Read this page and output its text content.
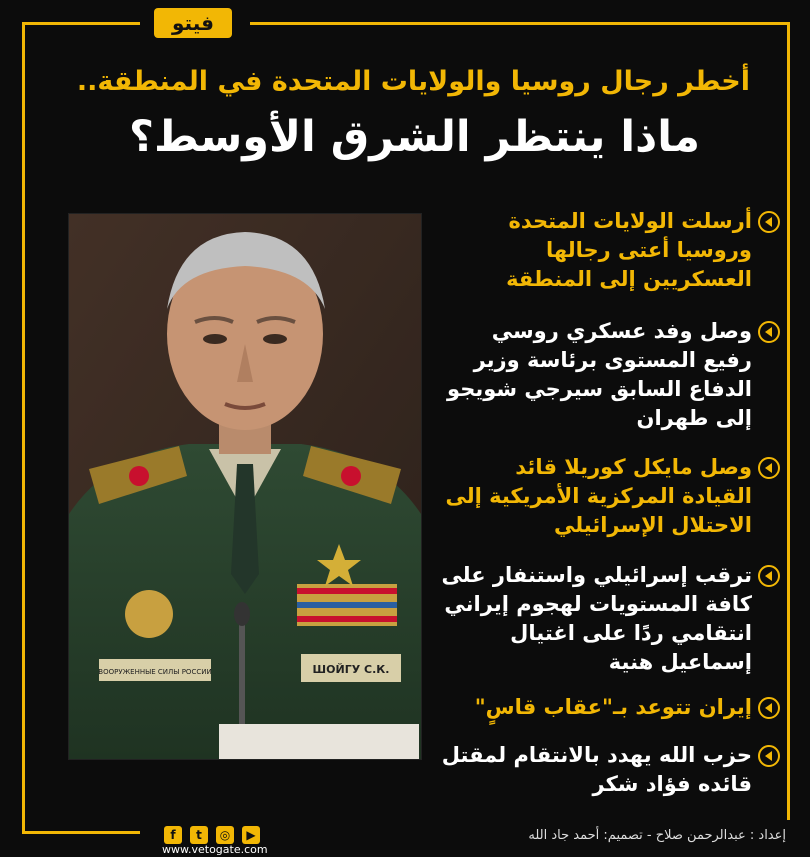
فيتو
أخطر رجال روسيا والولايات المتحدة في المنطقة..
ماذا ينتظر الشرق الأوسط؟
ВООРУЖЕННЫЕ СИЛЫ РОССИИ	ШОЙГУ С.К.
أرسلت الولايات المتحدة وروسيا أعتى رجالها العسكريين إلى المنطقة
وصل وفد عسكري روسي رفيع المستوى برئاسة وزير الدفاع السابق سيرجي شويجو إلى طهران
وصل مايكل كوريلا قائد القيادة المركزية الأمريكية إلى الاحتلال الإسرائيلي
ترقب إسرائيلي واستنفار على كافة المستويات لهجوم إيراني انتقامي ردًا على اغتيال إسماعيل هنية
إيران تتوعد بـ"عقاب قاسٍ"
حزب الله يهدد بالانتقام لمقتل قائده فؤاد شكر
f	t	◎	▶
www.vetogate.com
إعداد : عبدالرحمن صلاح - تصميم: أحمد جاد الله
